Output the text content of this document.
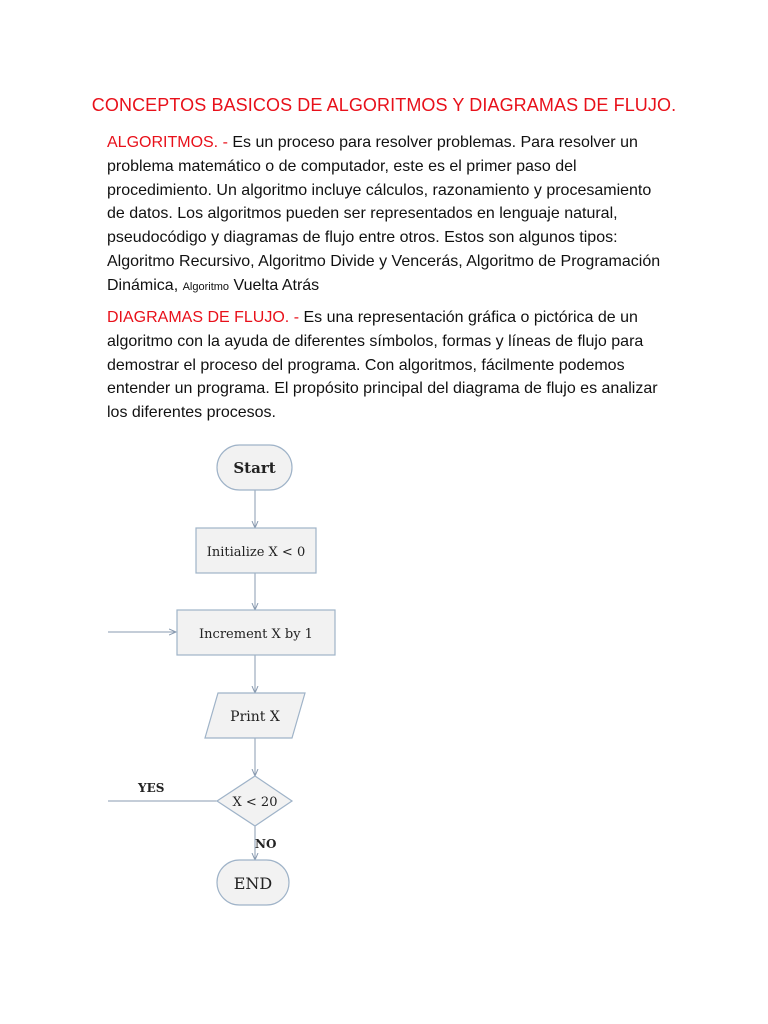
CONCEPTOS BASICOS DE ALGORITMOS Y DIAGRAMAS DE FLUJO.
ALGORITMOS. - Es un proceso para resolver problemas. Para resolver un problema matemático o de computador, este es el primer paso del procedimiento. Un algoritmo incluye cálculos, razonamiento y procesamiento de datos. Los algoritmos pueden ser representados en lenguaje natural, pseudocódigo y diagramas de flujo entre otros. Estos son algunos tipos: Algoritmo Recursivo, Algoritmo Divide y Vencerás, Algoritmo de Programación Dinámica, Algoritmo Vuelta Atrás
DIAGRAMAS DE FLUJO. - Es una representación gráfica o pictórica de un algoritmo con la ayuda de diferentes símbolos, formas y líneas de flujo para demostrar el proceso del programa. Con algoritmos, fácilmente podemos entender un programa. El propósito principal del diagrama de flujo es analizar los diferentes procesos.
Start
Initialize X < 0
Increment X by 1
Print X
X < 20
YES
NO
END
